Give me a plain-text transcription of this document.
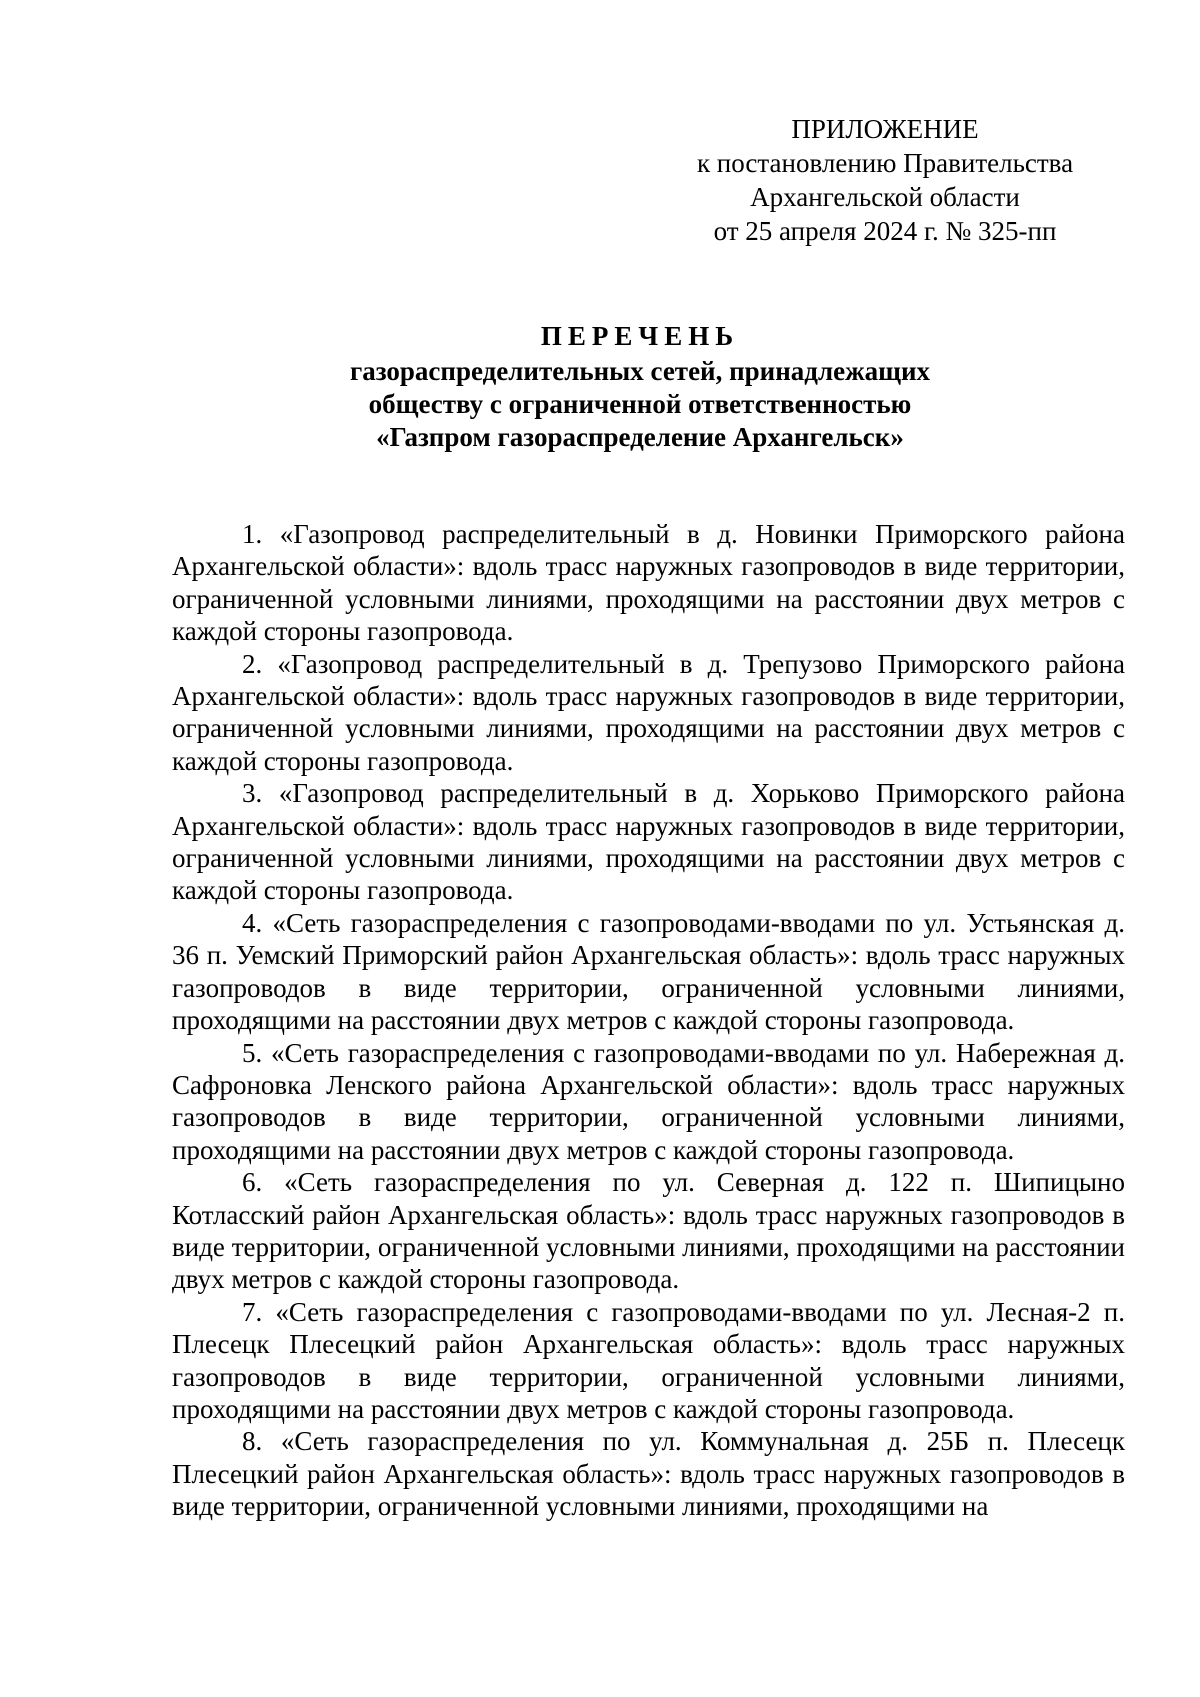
ПРИЛОЖЕНИЕ
к постановлению Правительства
Архангельской области
от 25 апреля 2024 г. № 325-пп
ПЕРЕЧЕНЬ
газораспределительных сетей, принадлежащих
обществу с ограниченной ответственностью
«Газпром газораспределение Архангельск»

1. «Газопровод распределительный в д. Новинки Приморского района Архангельской области»: вдоль трасс наружных газопроводов в виде территории, ограниченной условными линиями, проходящими на расстоянии двух метров с каждой стороны газопровода.

2. «Газопровод распределительный в д. Трепузово Приморского района Архангельской области»: вдоль трасс наружных газопроводов в виде территории, ограниченной условными линиями, проходящими на расстоянии двух метров с каждой стороны газопровода.

3. «Газопровод распределительный в д. Хорьково Приморского района Архангельской области»: вдоль трасс наружных газопроводов в виде территории, ограниченной условными линиями, проходящими на расстоянии двух метров с каждой стороны газопровода.

4. «Сеть газораспределения с газопроводами-вводами по ул. Устьянская д. 36 п. Уемский Приморский район Архангельская область»: вдоль трасс наружных газопроводов в виде территории, ограниченной условными линиями, проходящими на расстоянии двух метров с каждой стороны газопровода.

5. «Сеть газораспределения с газопроводами-вводами по ул. Набережная д. Сафроновка Ленского района Архангельской области»: вдоль трасс наружных газопроводов в виде территории, ограниченной условными линиями, проходящими на расстоянии двух метров с каждой стороны газопровода.

6. «Сеть газораспределения по ул. Северная д. 122 п. Шипицыно Котласский район Архангельская область»: вдоль трасс наружных газопроводов в виде территории, ограниченной условными линиями, проходящими на расстоянии двух метров с каждой стороны газопровода.

7. «Сеть газораспределения с газопроводами-вводами по ул. Лесная-2 п. Плесецк Плесецкий район Архангельская область»: вдоль трасс наружных газопроводов в виде территории, ограниченной условными линиями, проходящими на расстоянии двух метров с каждой стороны газопровода.

8. «Сеть газораспределения по ул. Коммунальная д. 25Б п. Плесецк Плесецкий район Архангельская область»: вдоль трасс наружных газопроводов в виде территории, ограниченной условными линиями, проходящими на
